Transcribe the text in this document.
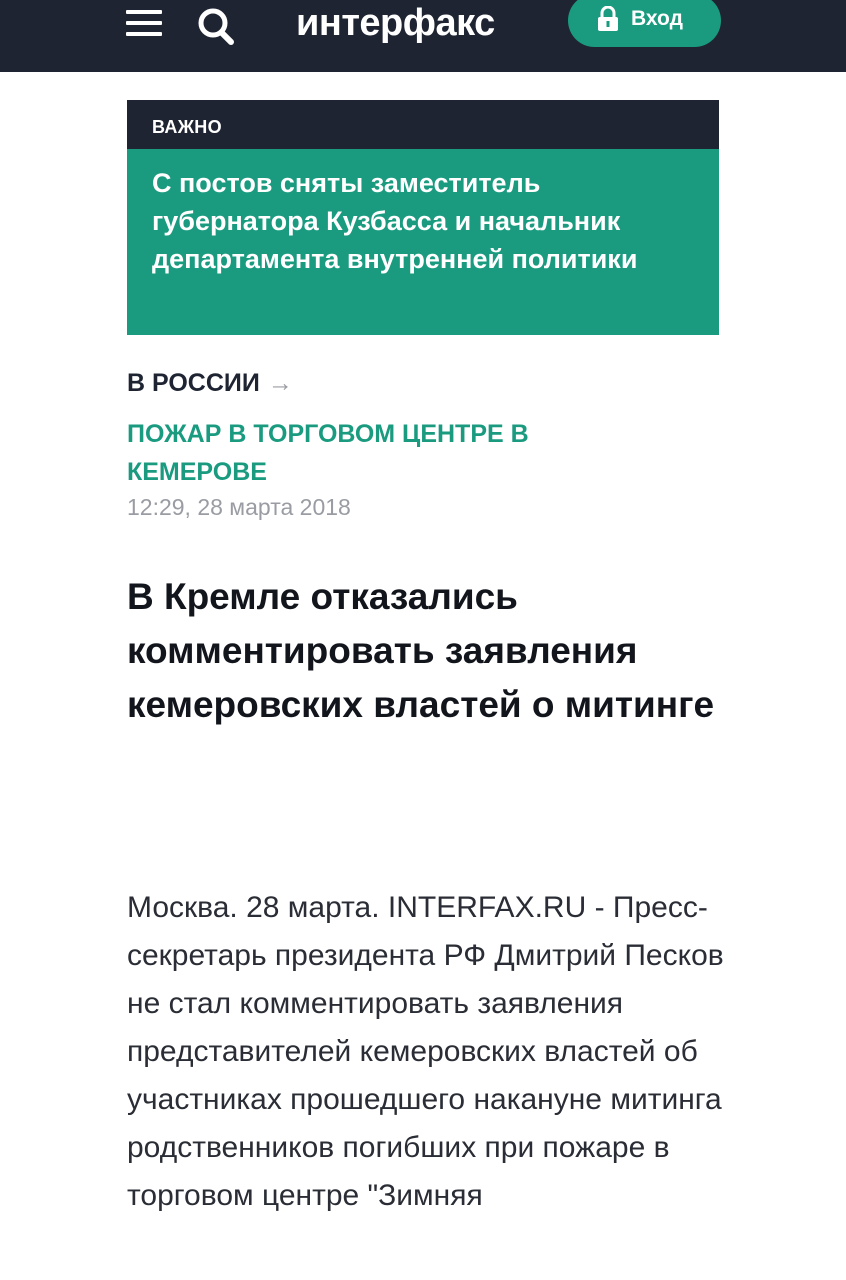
интерфакс	Вход
ВАЖНО
С постов сняты заместитель губернатора Кузбасса и начальник департамента внутренней политики
В РОССИИ →
ПОЖАР В ТОРГОВОМ ЦЕНТРЕ В КЕМЕРОВЕ
12:29, 28 марта 2018
В Кремле отказались комментировать заявления кемеровских властей о митинге

Москва. 28 марта. INTERFAX.RU - Пресс-секретарь президента РФ Дмитрий Песков не стал комментировать заявления представителей кемеровских властей об участниках прошедшего накануне митинга родственников погибших при пожаре в торговом центре "Зимняя
